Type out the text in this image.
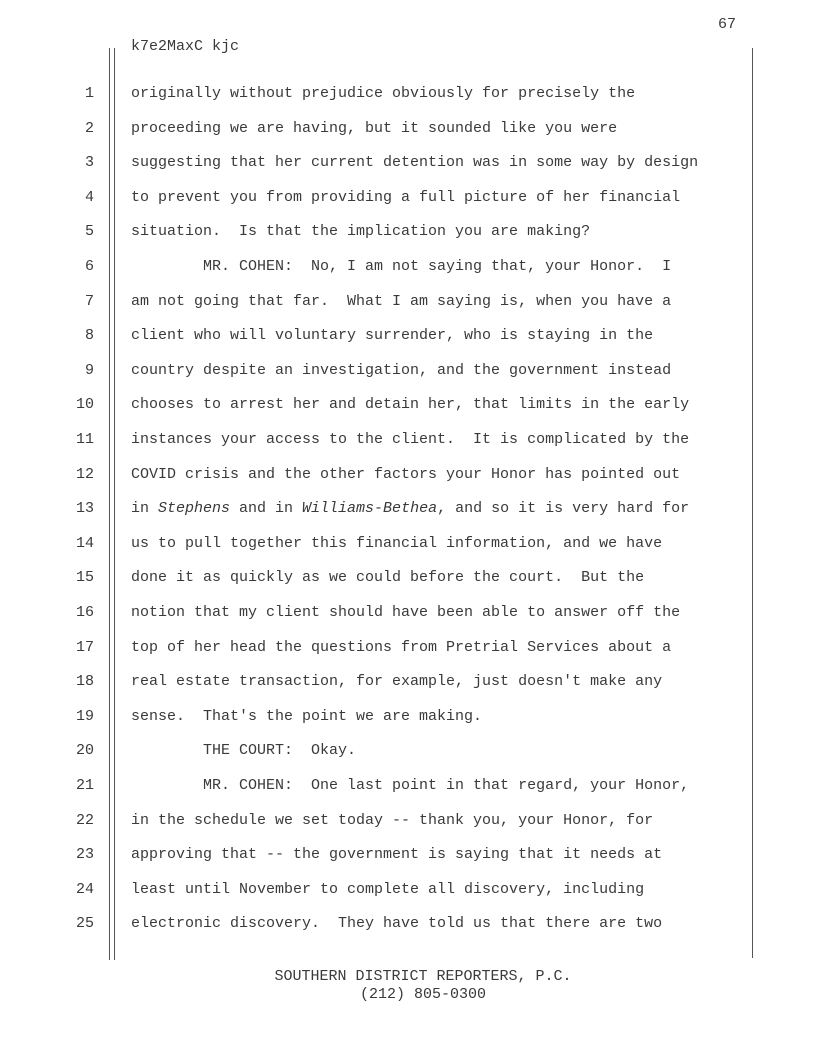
67
k7e2MaxC kjc
1 originally without prejudice obviously for precisely the
2 proceeding we are having, but it sounded like you were
3 suggesting that her current detention was in some way by design
4 to prevent you from providing a full picture of her financial
5 situation.  Is that the implication you are making?
6 MR. COHEN:  No, I am not saying that, your Honor.  I
7 am not going that far.  What I am saying is, when you have a
8 client who will voluntary surrender, who is staying in the
9 country despite an investigation, and the government instead
10 chooses to arrest her and detain her, that limits in the early
11 instances your access to the client.  It is complicated by the
12 COVID crisis and the other factors your Honor has pointed out
13 in Stephens and in Williams-Bethea, and so it is very hard for
14 us to pull together this financial information, and we have
15 done it as quickly as we could before the court.  But the
16 notion that my client should have been able to answer off the
17 top of her head the questions from Pretrial Services about a
18 real estate transaction, for example, just doesn't make any
19 sense.  That's the point we are making.
20 THE COURT:  Okay.
21 MR. COHEN:  One last point in that regard, your Honor,
22 in the schedule we set today -- thank you, your Honor, for
23 approving that -- the government is saying that it needs at
24 least until November to complete all discovery, including
25 electronic discovery.  They have told us that there are two
SOUTHERN DISTRICT REPORTERS, P.C.
(212) 805-0300
